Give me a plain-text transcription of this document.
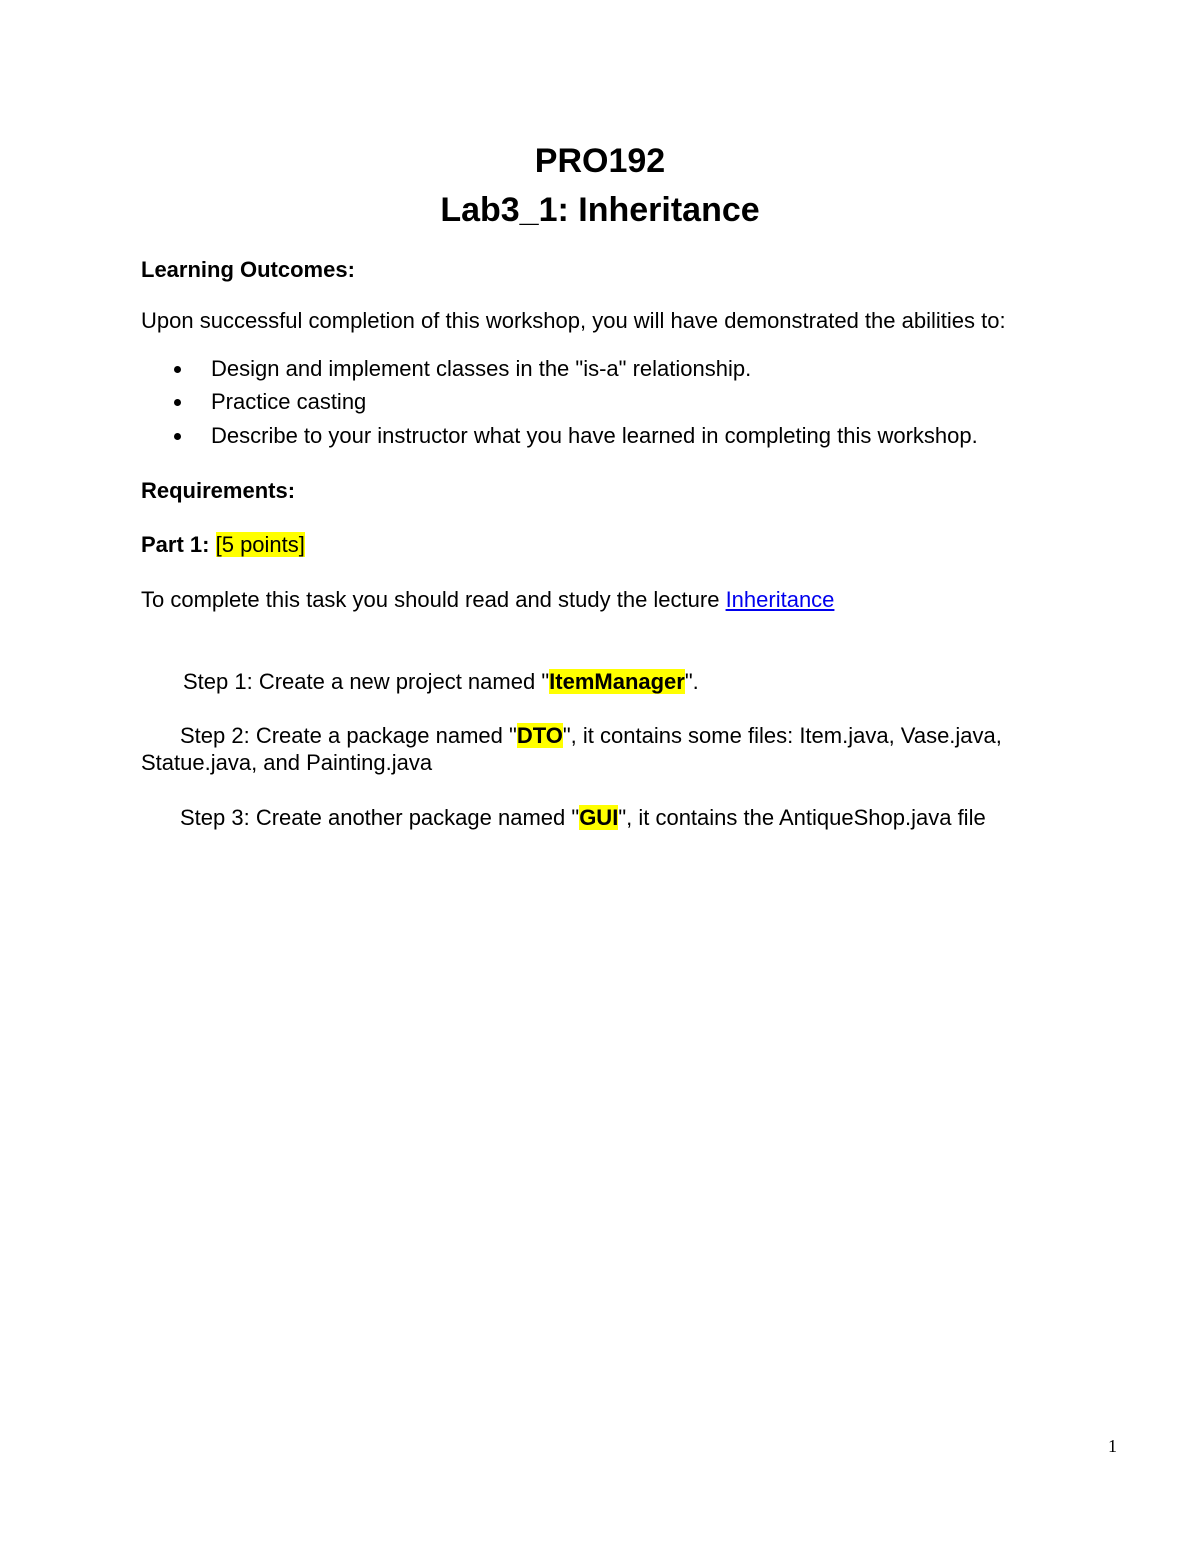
PRO192
Lab3_1: Inheritance

Learning Outcomes:

Upon successful completion of this workshop, you will have demonstrated the abilities to:

Design and implement classes in the "is-a" relationship.
Practice casting
Describe to your instructor what you have learned in completing this workshop.

Requirements:

Part 1: [5 points]

To complete this task you should read and study the lecture Inheritance

Step 1: Create a new project named "ItemManager".

Step 2: Create a package named "DTO", it contains some files: Item.java, Vase.java,

Statue.java, and Painting.java

Step 3: Create another package named "GUI", it contains the AntiqueShop.java file

1
